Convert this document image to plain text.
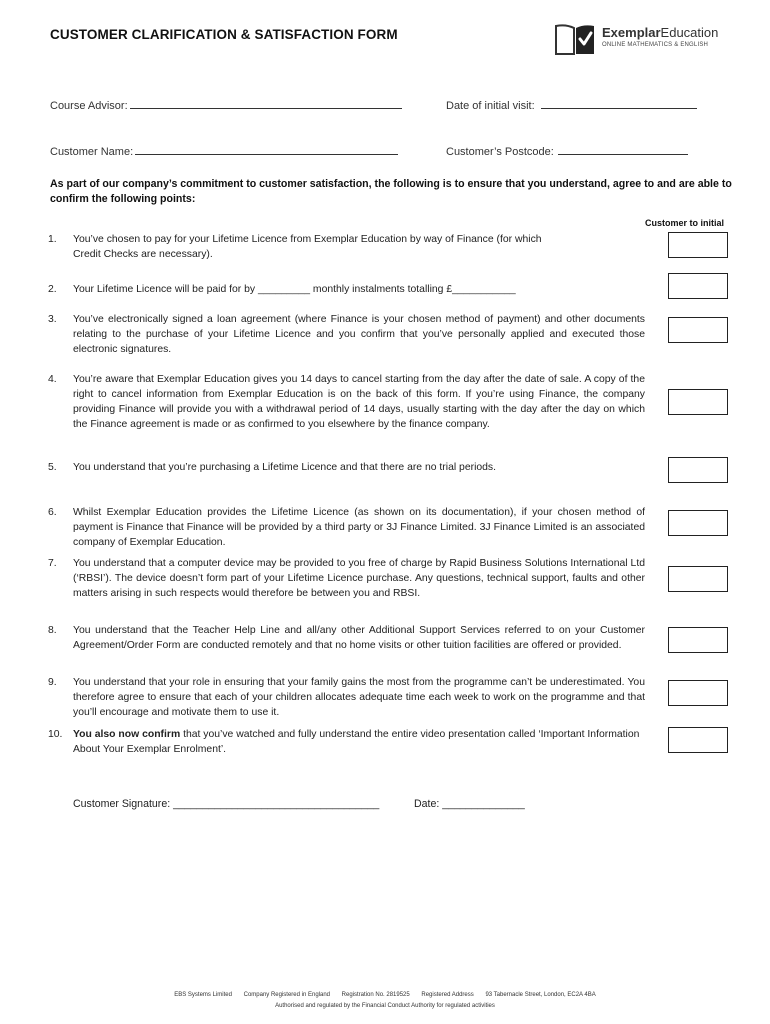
CUSTOMER CLARIFICATION & SATISFACTION FORM	ExemplarEducation
ONLINE MATHEMATICS & ENGLISH
Course Advisor:	Date of initial visit:
Customer Name:	Customer’s Postcode:
As part of our company’s commitment to customer satisfaction, the following is to ensure that you understand, agree to and are able to confirm the following points:
Customer to initial
1. You’ve chosen to pay for your Lifetime Licence from Exemplar Education by way of Finance (for which Credit Checks are necessary).
2. Your Lifetime Licence will be paid for by _________ monthly instalments totalling £___________
3. You’ve electronically signed a loan agreement (where Finance is your chosen method of payment) and other documents relating to the purchase of your Lifetime Licence and you confirm that you’ve personally applied and executed those electronic signatures.
4. You’re aware that Exemplar Education gives you 14 days to cancel starting from the day after the date of sale. A copy of the right to cancel information from Exemplar Education is on the back of this form. If you’re using Finance, the company providing Finance will provide you with a withdrawal period of 14 days, usually starting with the day after the day on which the Finance agreement is made or as confirmed to you elsewhere by the finance company.
5. You understand that you’re purchasing a Lifetime Licence and that there are no trial periods.
6. Whilst Exemplar Education provides the Lifetime Licence (as shown on its documentation), if your chosen method of payment is Finance that Finance will be provided by a third party or 3J Finance Limited. 3J Finance Limited is an associated company of Exemplar Education.
7. You understand that a computer device may be provided to you free of charge by Rapid Business Solutions International Ltd (‘RBSI’). The device doesn’t form part of your Lifetime Licence purchase. Any questions, technical support, faults and other matters arising in such respects would therefore be between you and RBSI.
8. You understand that the Teacher Help Line and all/any other Additional Support Services referred to on your Customer Agreement/Order Form are conducted remotely and that no home visits or other tuition facilities are offered or provided.
9. You understand that your role in ensuring that your family gains the most from the programme can’t be underestimated. You therefore agree to ensure that each of your children allocates adequate time each week to work on the programme and that you’ll encourage and motivate them to use it.
10. You also now confirm that you’ve watched and fully understand the entire video presentation called ‘Important Information About Your Exemplar Enrolment’.
Customer Signature: ___________________________________	Date: ______________
EBS Systems Limited Company Registered in England Registration No. 2819525 Registered Address 93 Tabernacle Street, London, EC2A 4BA
Authorised and regulated by the Financial Conduct Authority for regulated activities
